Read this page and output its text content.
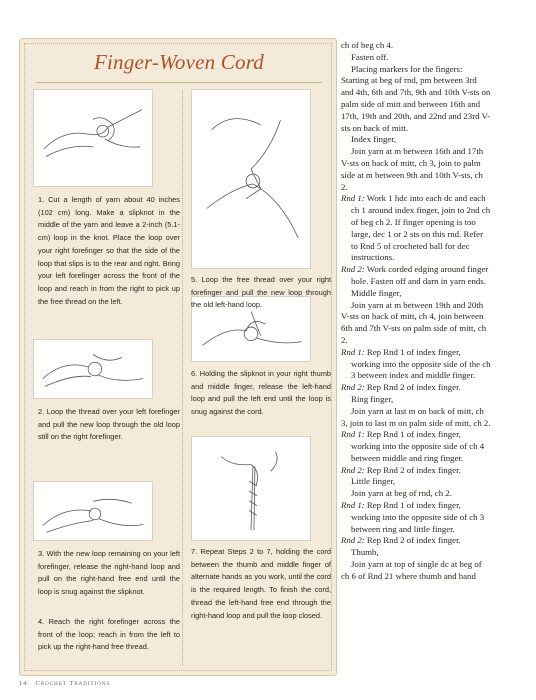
Finger-Woven Cord
1. Cut a length of yarn about 40 inches (102 cm) long. Make a slipknot in the middle of the yarn and leave a 2-inch (5.1-cm) loop in the knot. Place the loop over your right forefinger so that the side of the loop that slips is to the rear and right. Bring your left forefinger across the front of the loop and reach in from the right to pick up the free thread on the left.
2. Loop the thread over your left forefinger and pull the new loop through the old loop still on the right forefinger.
3. With the new loop remaining on your left forefinger, release the right-hand loop and pull on the right-hand free end until the loop is snug against the slipknot.
4. Reach the right forefinger across the front of the loop; reach in from the left to pick up the right-hand free thread.
5. Loop the free thread over your right forefinger and pull the new loop through the old left-hand loop.
6. Holding the slipknot in your right thumb and middle finger, release the left-hand loop and pull the left end until the loop is snug against the cord.
7. Repeat Steps 2 to 7, holding the cord between the thumb and middle finger of alternate hands as you work, until the cord is the required length. To finish the cord, thread the left-hand free end through the right-hand loop and pull the loop closed.

ch of beg ch 4.

Fasten off.

Placing markers for the fingers:

Starting at beg of rnd, pm between 3rd and 4th, 6th and 7th, 9th and 10th V-sts on palm side of mitt and between 16th and 17th, 19th and 20th, and 22nd and 23rd V-sts on back of mitt.

Index finger,

Join yarn at m between 16th and 17th V-sts on back of mitt, ch 3, join to palm side at m between 9th and 10th V-sts, ch 2.

Rnd 1: Work 1 hdc into each dc and each ch 1 around index finger, join to 2nd ch of beg ch 2. If finger opening is too large, dec 1 or 2 sts on this rnd. Refer to Rnd 5 of crocheted ball for dec instructions.

Rnd 2: Work corded edging around finger hole. Fasten off and darn in yarn ends.

Middle finger,

Join yarn at m between 19th and 20th V-sts on back of mitt, ch 4, join between 6th and 7th V-sts on palm side of mitt, ch 2.

Rnd 1: Rep Rnd 1 of index finger, working into the opposite side of the ch 3 between index and middle finger.

Rnd 2: Rep Rnd 2 of index finger.

Ring finger,

Join yarn at last m on back of mitt, ch 3, join to last m on palm side of mitt, ch 2.

Rnd 1: Rep Rnd 1 of index finger, working into the opposite side of ch 4 between middle and ring finger.

Rnd 2: Rep Rnd 2 of index finger.

Little finger,

Join yarn at beg of rnd, ch 2.

Rnd 1: Rep Rnd 1 of index finger, working into the opposite side of ch 3 between ring and little finger.

Rnd 2: Rep Rnd 2 of index finger.

Thumb,

Join yarn at top of single dc at beg of ch 6 of Rnd 21 where thumb and hand

14 Crochet Traditions
